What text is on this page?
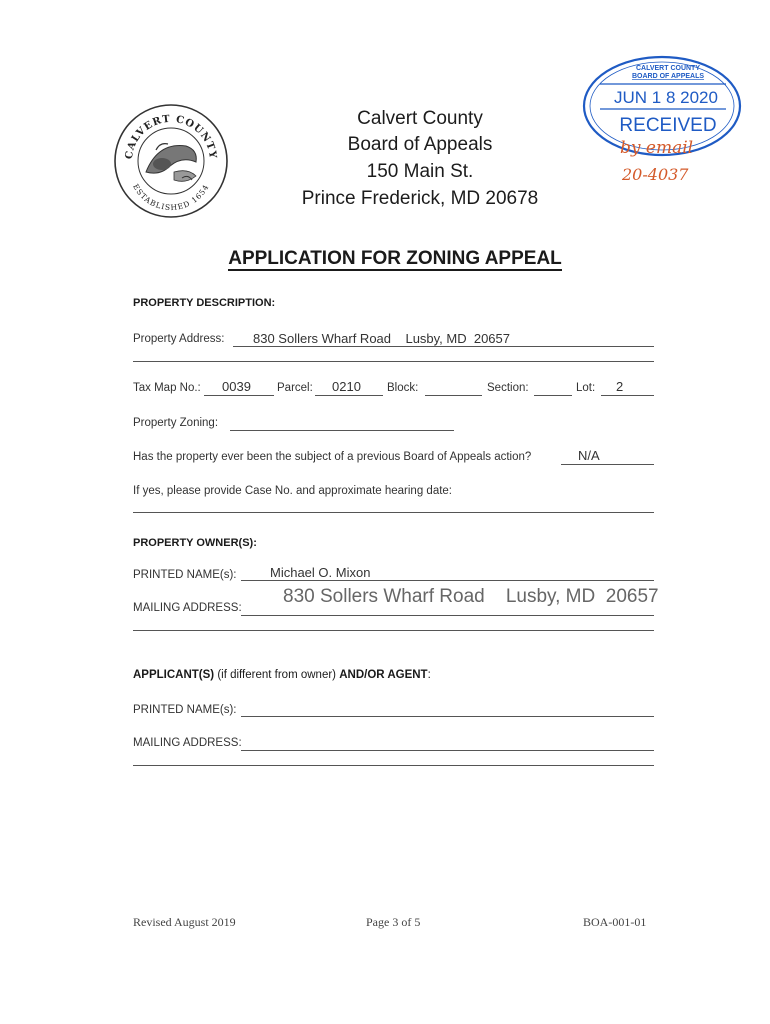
CALVERT COUNTY
ESTABLISHED 1654
Calvert County
Board of Appeals
150 Main St.
Prince Frederick, MD 20678
CALVERT COUNTY
BOARD OF APPEALS
JUN 1 8 2020
RECEIVED
by email
20-4037
APPLICATION FOR ZONING APPEAL
PROPERTY DESCRIPTION:
Property Address: 830 Sollers Wharf Road    Lusby, MD  20657
Tax Map No.: 0039 Parcel: 0210 Block:	Section:	Lot: 2
Property Zoning:
Has the property ever been the subject of a previous Board of Appeals action?	N/A
If yes, please provide Case No. and approximate hearing date:
PROPERTY OWNER(S):
PRINTED NAME(s):	Michael O. Mixon
MAILING ADDRESS:
830 Sollers Wharf Road    Lusby, MD  20657
APPLICANT(S) (if different from owner) AND/OR AGENT:
PRINTED NAME(s):
MAILING ADDRESS:
Revised August 2019	Page 3 of 5	BOA-001-01
